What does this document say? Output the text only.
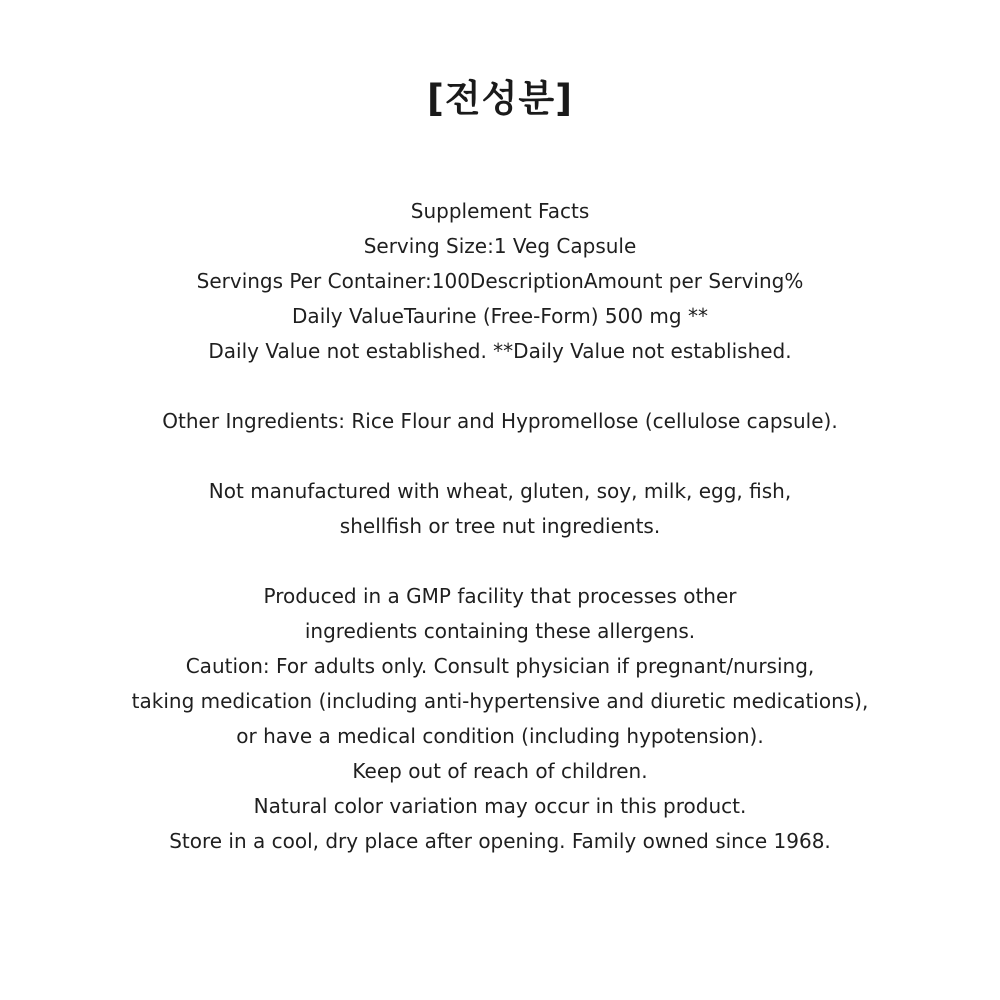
[전성분]
Supplement Facts
Serving Size:1 Veg Capsule
Servings Per Container:100DescriptionAmount per Serving%
Daily ValueTaurine (Free-Form) 500 mg **
Daily Value not established. **Daily Value not established.
Other Ingredients: Rice Flour and Hypromellose (cellulose capsule).
Not manufactured with wheat, gluten, soy, milk, egg, fish,
shellfish or tree nut ingredients.
Produced in a GMP facility that processes other
ingredients containing these allergens.
Caution: For adults only. Consult physician if pregnant/nursing,
taking medication (including anti-hypertensive and diuretic medications),
or have a medical condition (including hypotension).
Keep out of reach of children.
Natural color variation may occur in this product.
Store in a cool, dry place after opening. Family owned since 1968.
